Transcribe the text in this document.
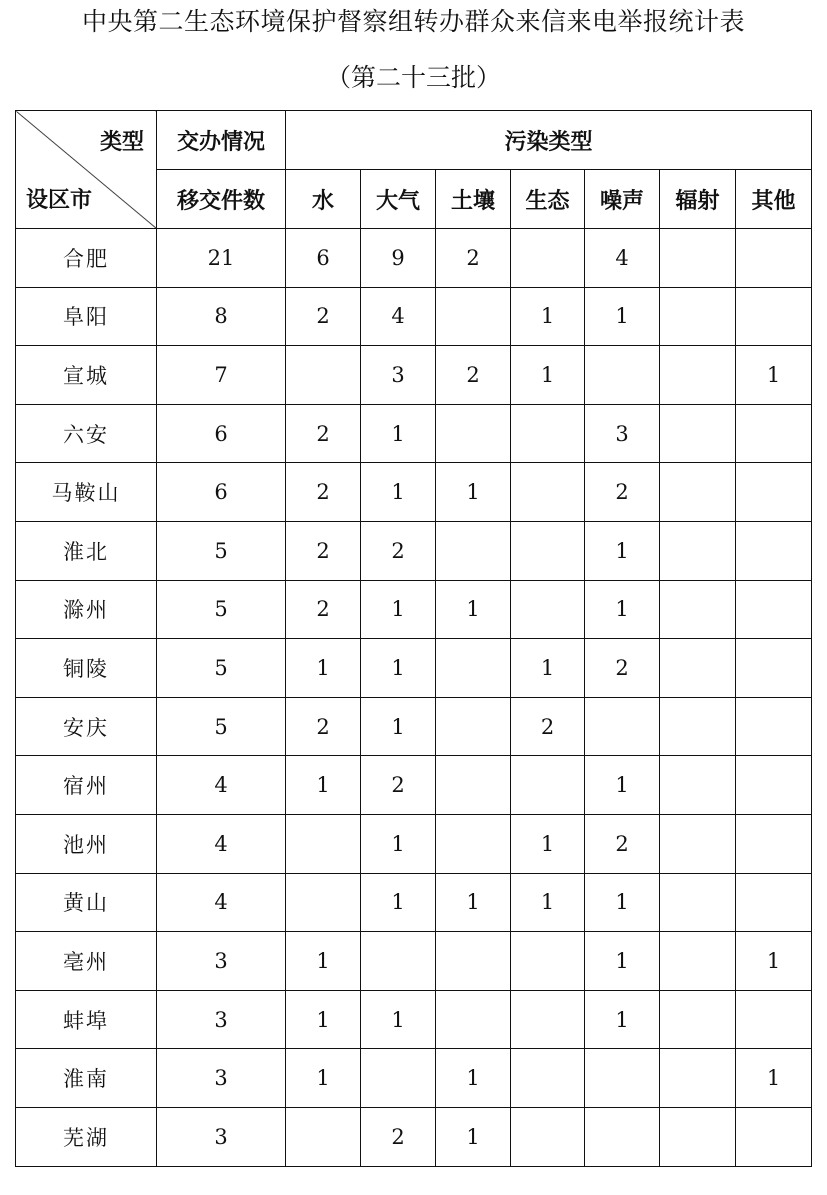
中央第二生态环境保护督察组转办群众来信来电举报统计表
（第二十三批）
类型
设区市	交办情况	污染类型						
	移交件数	水	大气	土壤	生态	噪声	辐射	其他
合肥	21	6	9	2		4		
阜阳	8	2	4		1	1		
宣城	7		3	2	1			1
六安	6	2	1			3		
马鞍山	6	2	1	1		2		
淮北	5	2	2			1		
滁州	5	2	1	1		1		
铜陵	5	1	1		1	2		
安庆	5	2	1		2			
宿州	4	1	2			1		
池州	4		1		1	2		
黄山	4		1	1	1	1		
亳州	3	1				1		1
蚌埠	3	1	1			1		
淮南	3	1		1				1
芜湖	3		2	1				
